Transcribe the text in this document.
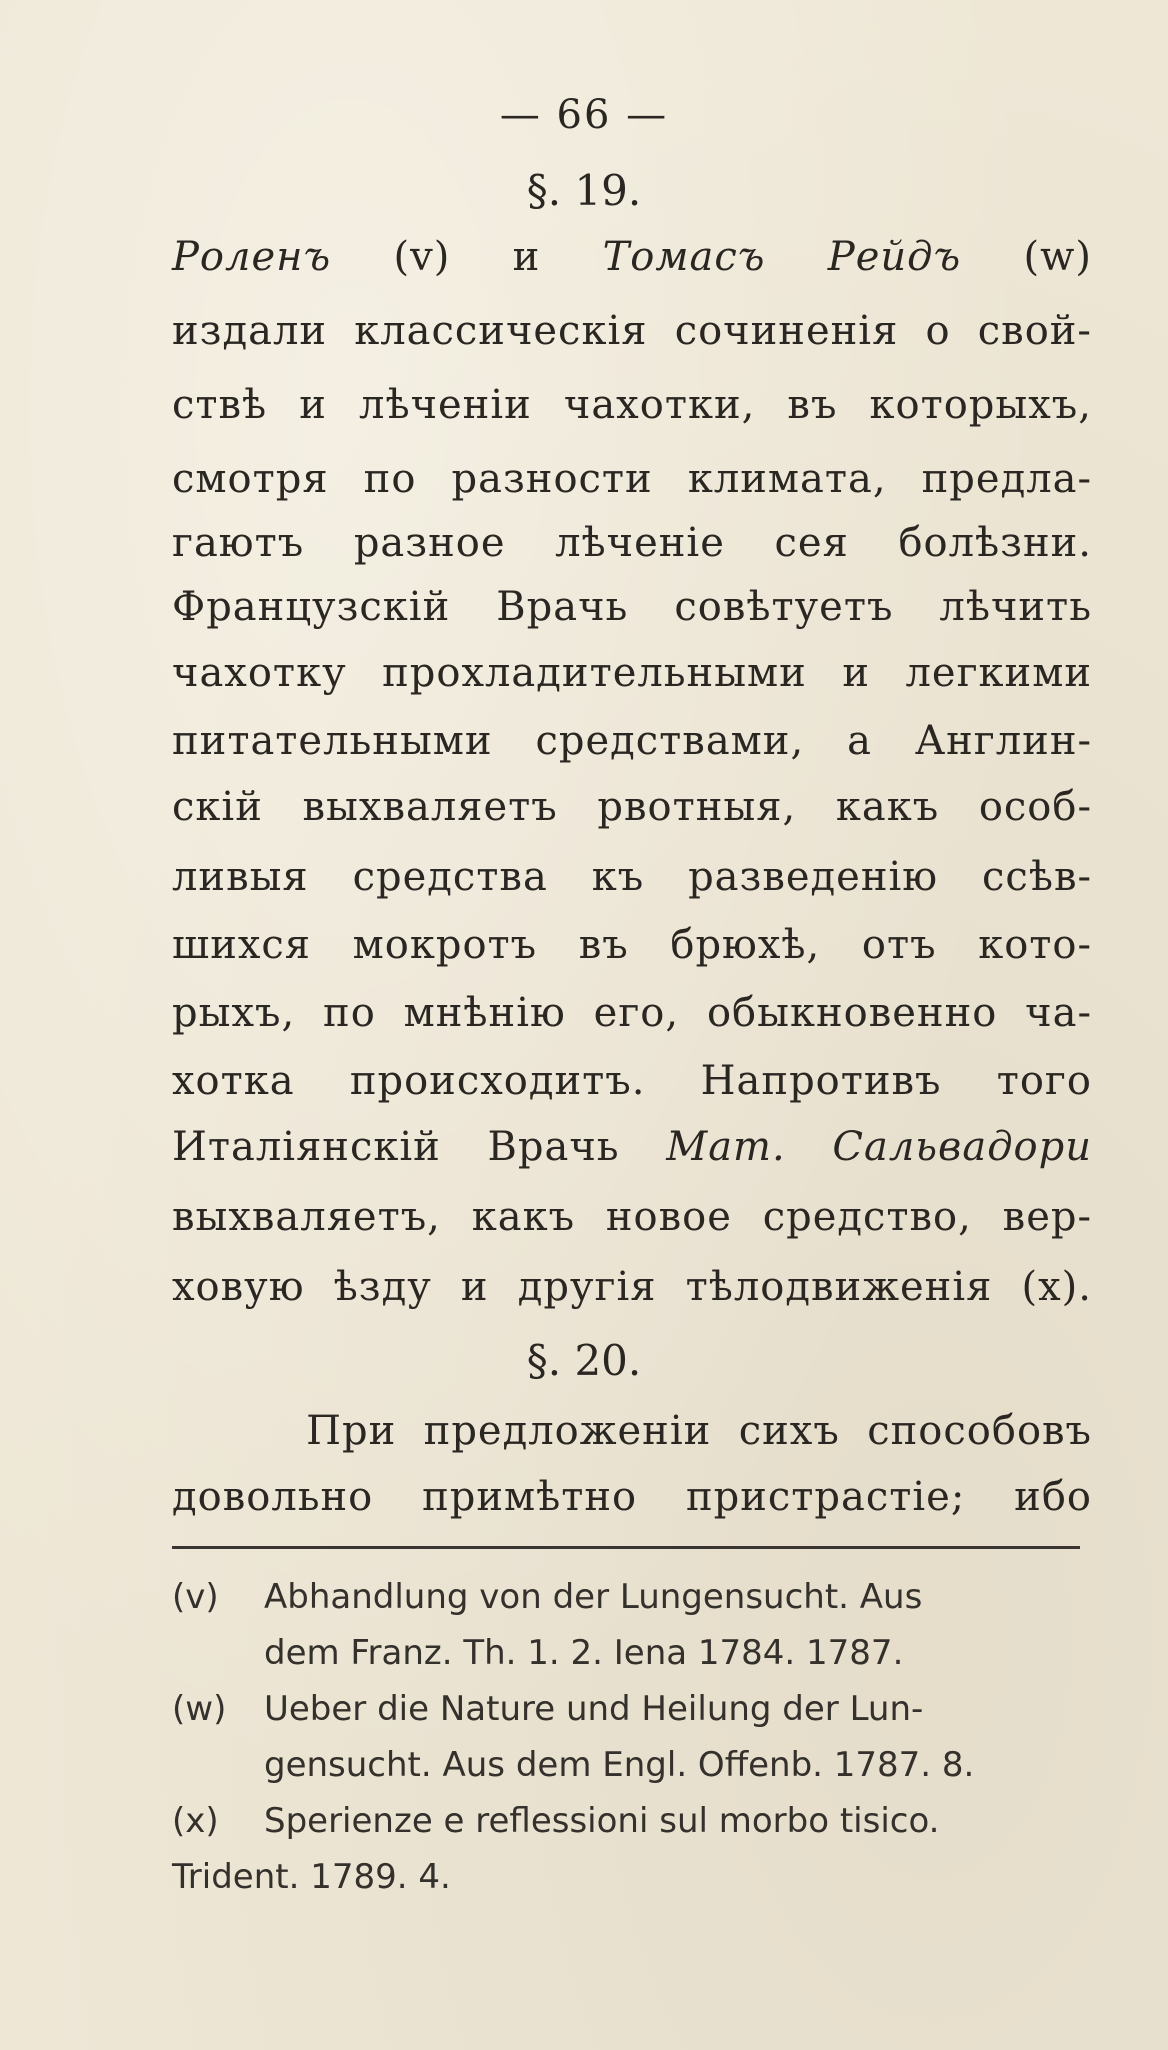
— 66 —
§. 19.
Роленъ (v) и Томасъ Рейдъ (w)
издали классическія сочиненія о свой-
ствѣ и лѣченіи чахотки, въ которыхъ,
смотря по разности климата, предла-
гаютъ разное лѣченіе сея болѣзни.
Французскій Врачь совѣтуетъ лѣчить
чахотку прохладительными и легкими
питательными средствами, а Англин-
скій выхваляетъ рвотныя, какъ особ-
ливыя средства къ разведенію ссѣв-
шихся мокротъ въ брюхѣ, отъ кото-
рыхъ, по мнѣнію его, обыкновенно ча-
хотка происходитъ. Напротивъ того
Италіянскій Врачь Мат. Сальвадори
выхваляетъ, какъ новое средство, вер-
ховую ѣзду и другія тѣлодвиженія (x).
§. 20.
При  предложеніи  сихъ  способовъ
довольно примѣтно пристрастіе; ибо
(v) Abhandlung von der Lungensucht. Aus
dem Franz. Th. 1. 2. Iena 1784. 1787.
(w) Ueber die Nature und Heilung der Lun-
gensucht. Aus dem Engl. Offenb. 1787. 8.
(x) Sperienze e reflessioni sul morbo tisico.
Trident. 1789. 4.
